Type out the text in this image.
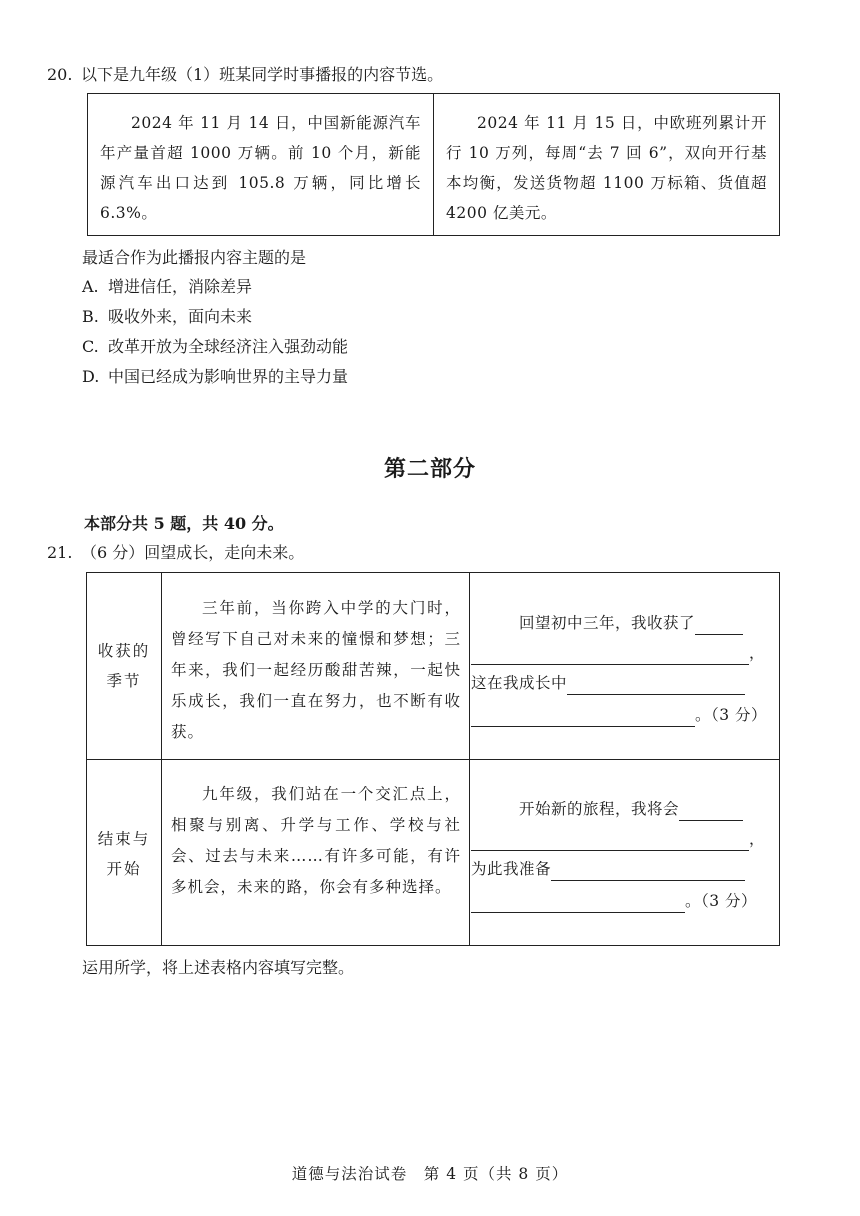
20. 以下是九年级（1）班某同学时事播报的内容节选。

2024 年 11 月 14 日，中国新能源汽车年产量首超 1000 万辆。前 10 个月，新能源汽车出口达到 105.8 万辆，同比增长 6.3%。

2024 年 11 月 15 日，中欧班列累计开行 10 万列，每周“去 7 回 6”，双向开行基本均衡，发送货物超 1100 万标箱、货值超 4200 亿美元。

最适合作为此播报内容主题的是
A. 增进信任，消除差异
B. 吸收外来，面向未来
C. 改革开放为全球经济注入强劲动能
D. 中国已经成为影响世界的主导力量
第二部分
本部分共 5 题，共 40 分。
21. （6 分）回望成长，走向未来。
收获的
季节

三年前，当你跨入中学的大门时，曾经写下自己对未来的憧憬和梦想；三年来，我们一起经历酸甜苦辣，一起快乐成长，我们一直在努力，也不断有收获。

回望初中三年，我收获了
，
这在我成长中
。（3 分）
结束与
开始

九年级，我们站在一个交汇点上，相聚与别离、升学与工作、学校与社会、过去与未来……有许多可能，有许多机会，未来的路，你会有多种选择。

开始新的旅程，我将会
，
为此我准备
。（3 分）
运用所学，将上述表格内容填写完整。
道德与法治试卷　第 4 页（共 8 页）
